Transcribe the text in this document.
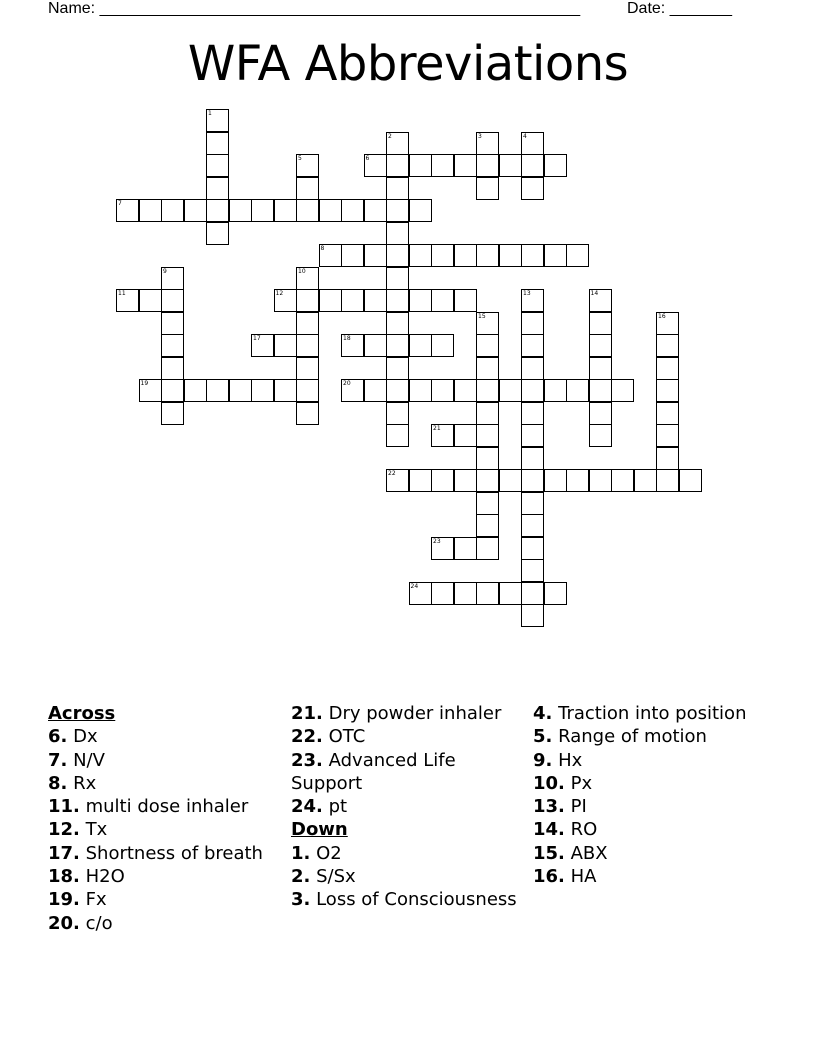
Name: ______________________________________________________	Date: _______
WFA Abbreviations
1
2	3	4
5	6
7
8
9	10
11	12	13	14
15	16
17	18
19	20
21
22
23
24
Across
6. Dx
7. N/V
8. Rx
11. multi dose inhaler
12. Tx
17. Shortness of breath
18. H2O
19. Fx
20. c/o
21. Dry powder inhaler
22. OTC
23. Advanced Life Support
24. pt
Down
1. O2
2. S/Sx
3. Loss of Consciousness
4. Traction into position
5. Range of motion
9. Hx
10. Px
13. PI
14. RO
15. ABX
16. HA
